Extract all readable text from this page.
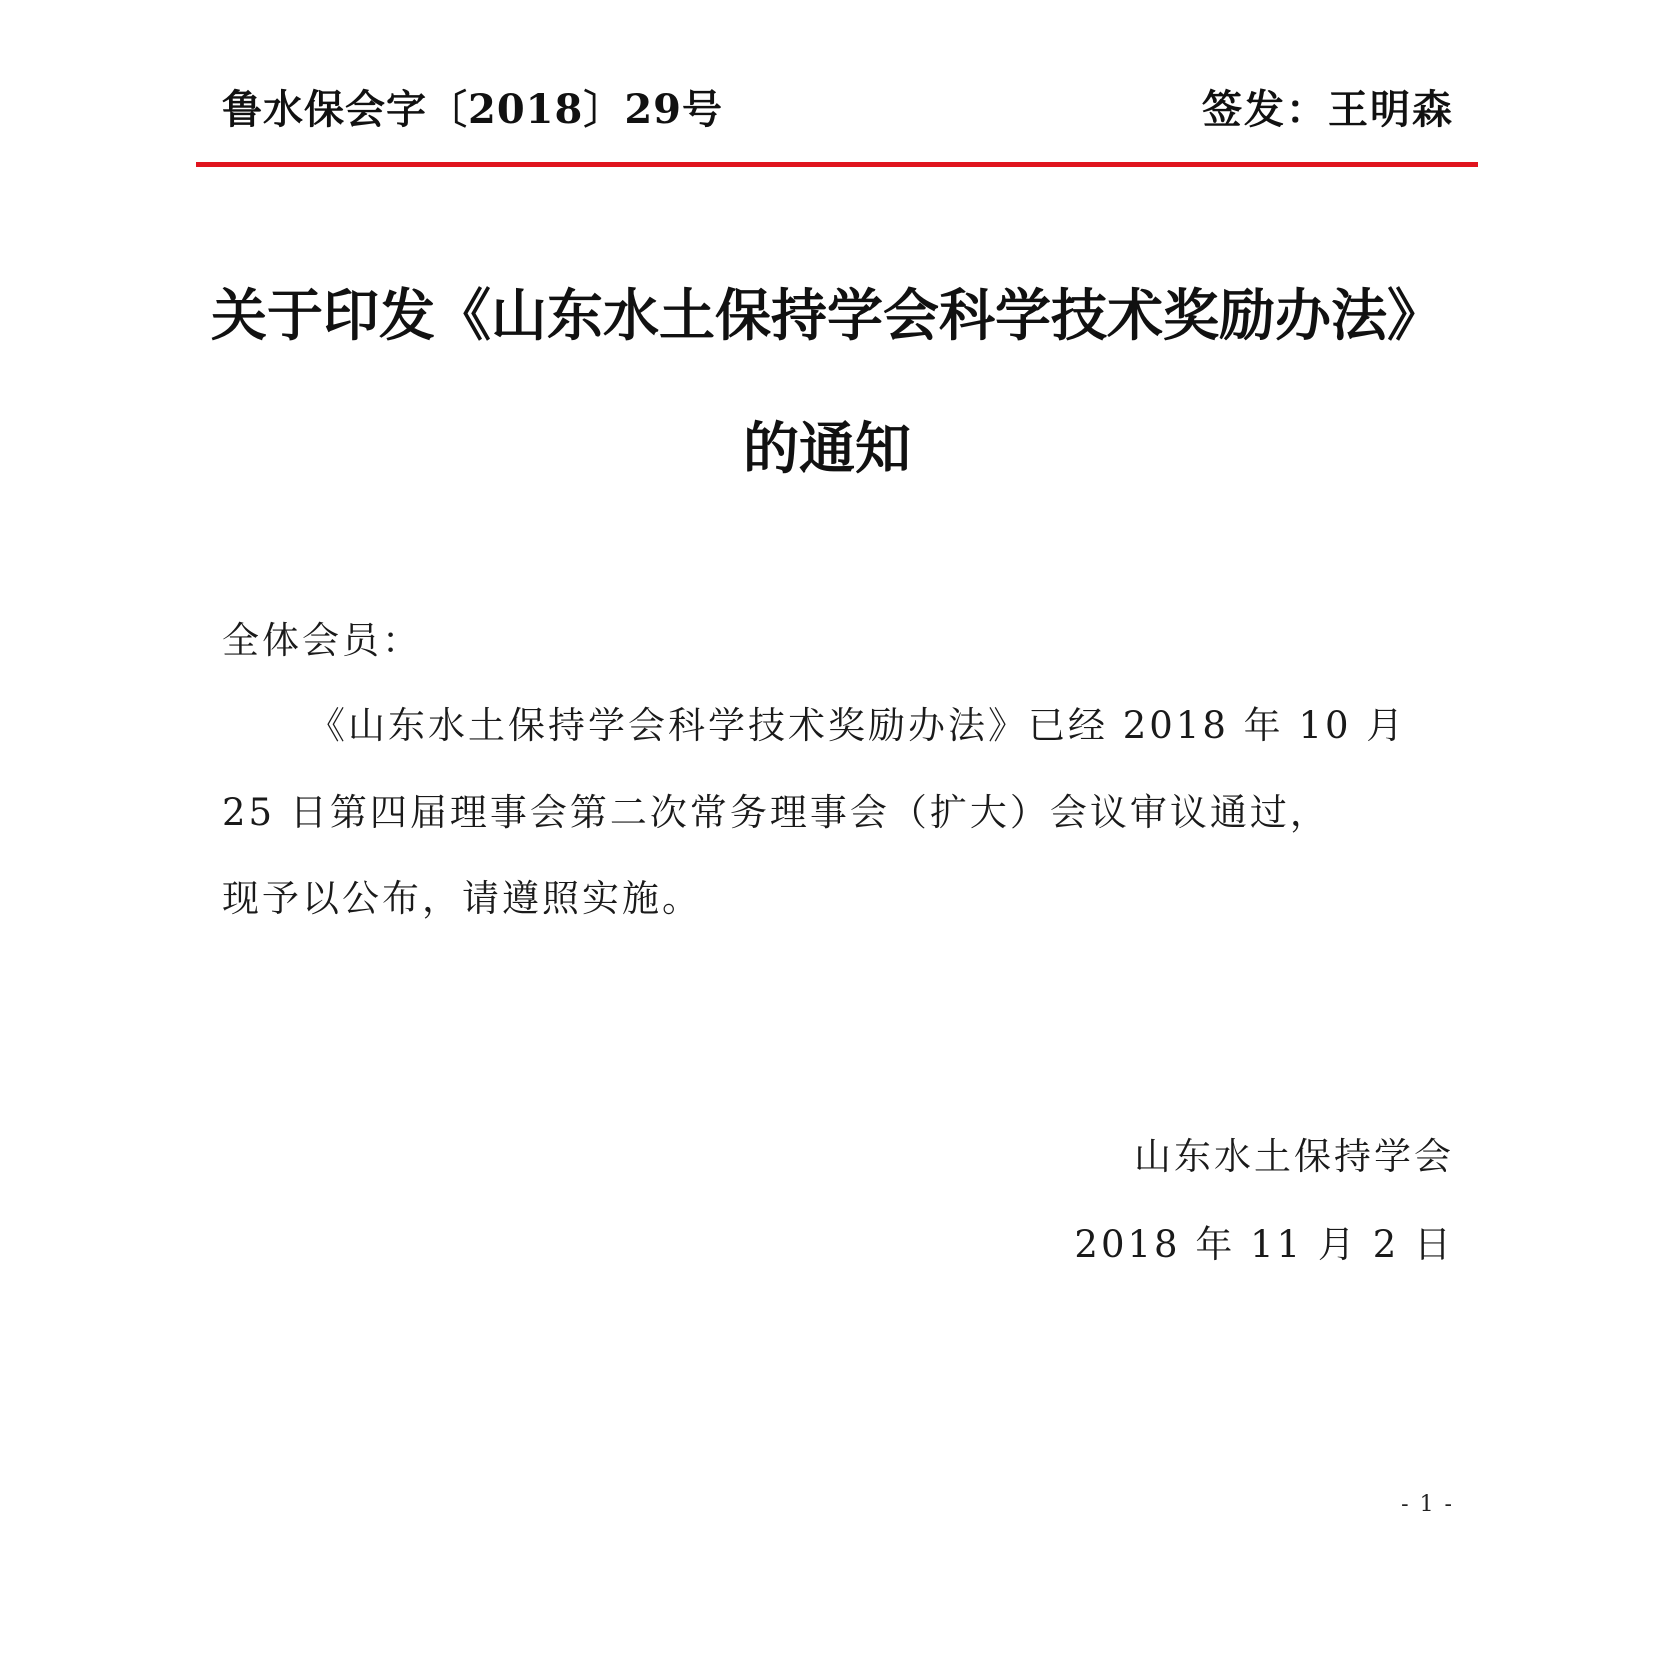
鲁水保会字〔2018〕29号	签发：王明森
关于印发《山东水土保持学会科学技术奖励办法》
的通知
全体会员：
《山东水土保持学会科学技术奖励办法》已经 2018 年 10 月
25 日第四届理事会第二次常务理事会（扩大）会议审议通过，
现予以公布，请遵照实施。
山东水土保持学会
2018 年 11 月 2 日
- 1 -
